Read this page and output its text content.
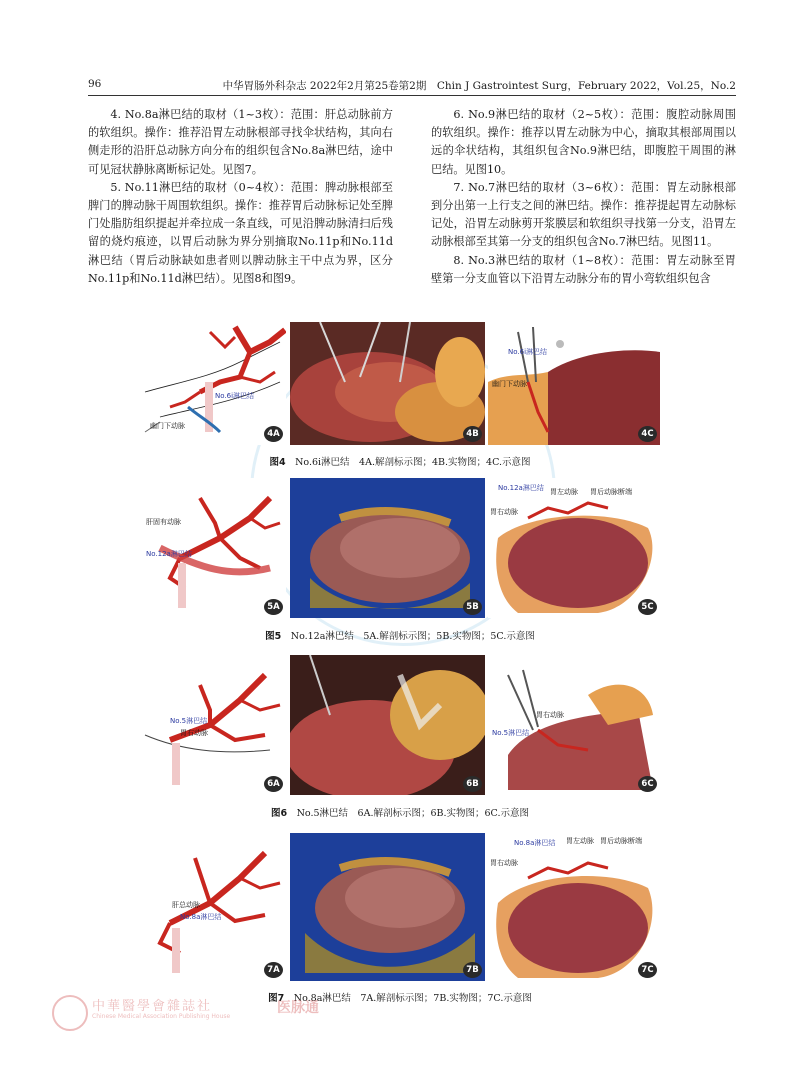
96	中华胃肠外科杂志 2022年2月第25卷第2期　Chin J Gastrointest Surg，February 2022，Vol.25，No.2

4. No.8a淋巴结的取材（1~3枚）：范围：肝总动脉前方的软组织。操作：推荐沿胃左动脉根部寻找伞状结构，其向右侧走形的沿肝总动脉方向分布的组织包含No.8a淋巴结，途中可见冠状静脉离断标记处。见图7。

5. No.11淋巴结的取材（0~4枚）：范围：脾动脉根部至脾门的脾动脉干周围软组织。操作：推荐胃后动脉标记处至脾门处脂肪组织提起并牵拉成一条直线，可见沿脾动脉清扫后残留的烧灼痕迹，以胃后动脉为界分别摘取No.11p和No.11d淋巴结（胃后动脉缺如患者则以脾动脉主干中点为界，区分No.11p和No.11d淋巴结）。见图8和图9。

6. No.9淋巴结的取材（2~5枚）：范围：腹腔动脉周围的软组织。操作：推荐以胃左动脉为中心，摘取其根部周围以远的伞状结构，其组织包含No.9淋巴结，即腹腔干周围的淋巴结。见图10。

7. No.7淋巴结的取材（3~6枚）：范围：胃左动脉根部到分出第一上行支之间的淋巴结。操作：推荐提起胃左动脉标记处，沿胃左动脉剪开浆膜层和软组织寻找第一分支，沿胃左动脉根部至其第一分支的组织包含No.7淋巴结。见图11。

8. No.3淋巴结的取材（1~8枚）：范围：胃左动脉至胃壁第一分支血管以下沿胃左动脉分布的胃小弯软组织包含

No.6i淋巴结
幽门下动脉
4A	4B
No.6i淋巴结
幽门下动脉
4C
图4　No.6i淋巴结　4A.解剖标示图；4B.实物图；4C.示意图
肝固有动脉
No.12a淋巴结
5A	5B
No.12a淋巴结 胃左动脉 胃后动脉断端
胃右动脉
5C
图5　No.12a淋巴结　5A.解剖标示图；5B.实物图；5C.示意图
No.5淋巴结
胃右动脉
6A	6B
胃右动脉
No.5淋巴结
6C
图6　No.5淋巴结　6A.解剖标示图；6B.实物图；6C.示意图
肝总动脉
No.8a淋巴结
7A	7B
No.8a淋巴结 胃左动脉 胃后动脉断端
胃右动脉
7C
图7　No.8a淋巴结　7A.解剖标示图；7B.实物图；7C.示意图
中華醫學會雜誌社
Chinese Medical Association Publishing House
医脉通
